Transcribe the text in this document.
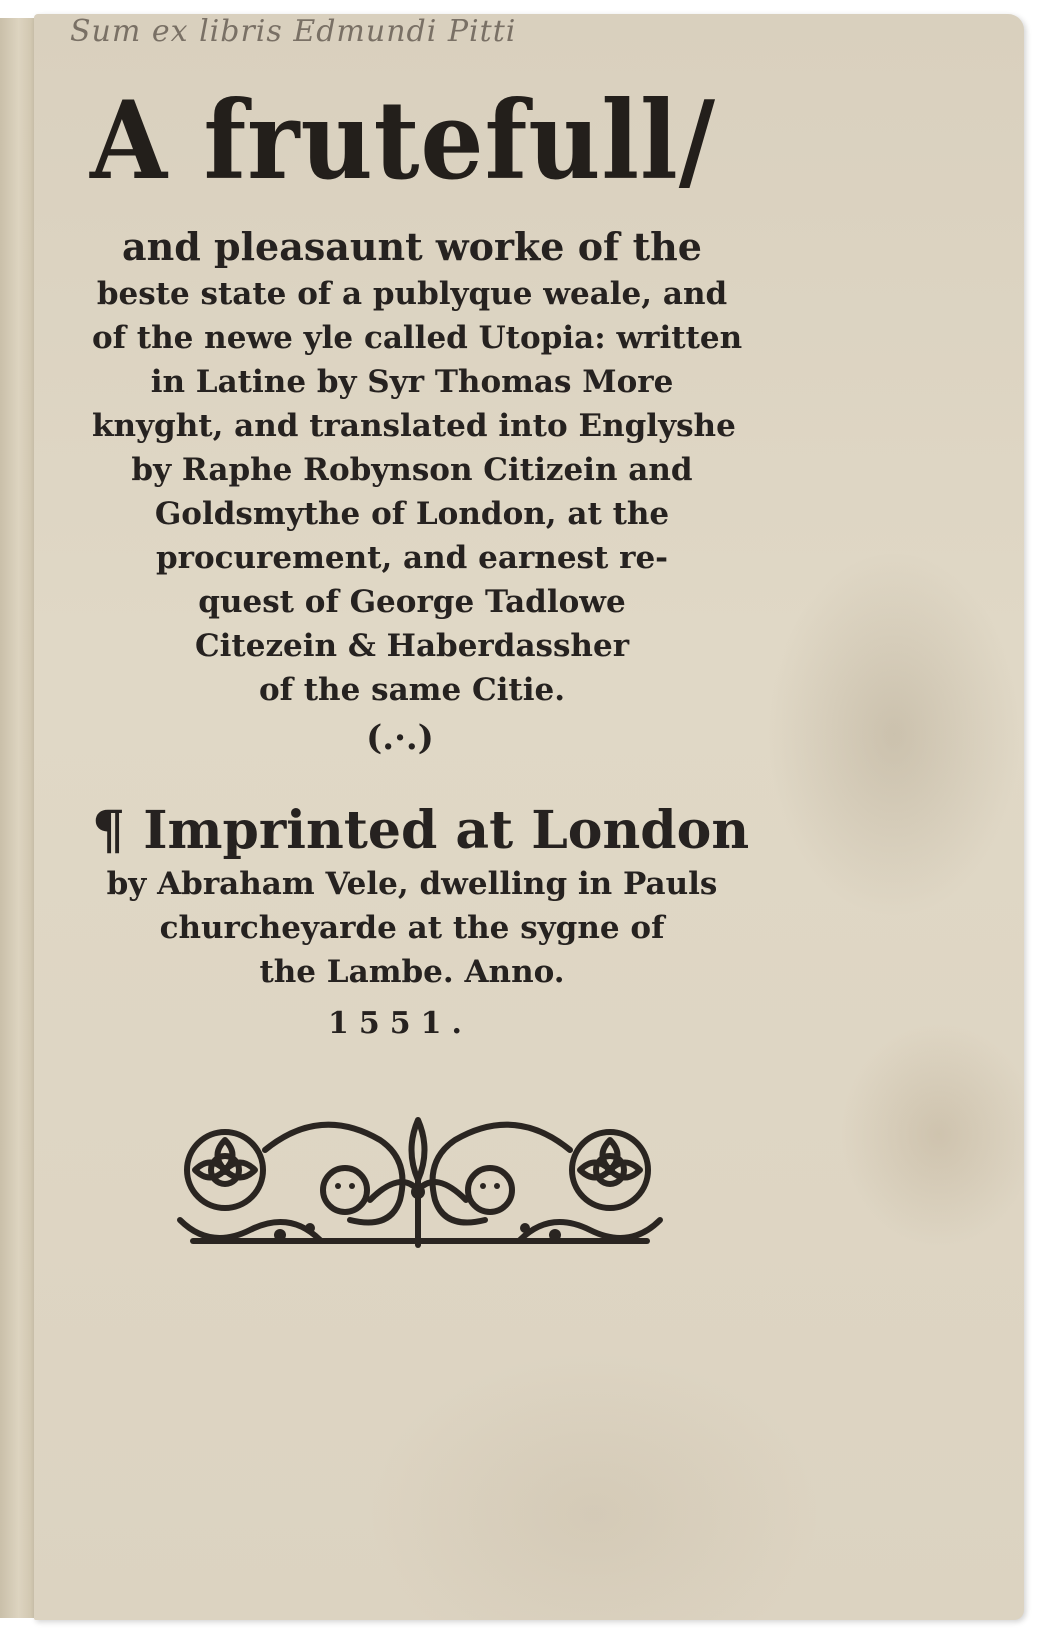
Sum ex libris Edmundi Pitti
A frutefull/
and pleasaunt worke of the
beste state of a publyque weale, and
of the newe yle called Utopia: written
in Latine by Syr Thomas More
knyght, and translated into Englyshe
by Raphe Robynson Citizein and
Goldsmythe of London, at the
procurement, and earnest re-
quest of George Tadlowe
Citezein & Haberdassher
of the same Citie.
(.·.)
¶ Imprinted at London
by Abraham Vele, dwelling in Pauls
churcheyarde at the sygne of
the Lambe. Anno.
1551.
